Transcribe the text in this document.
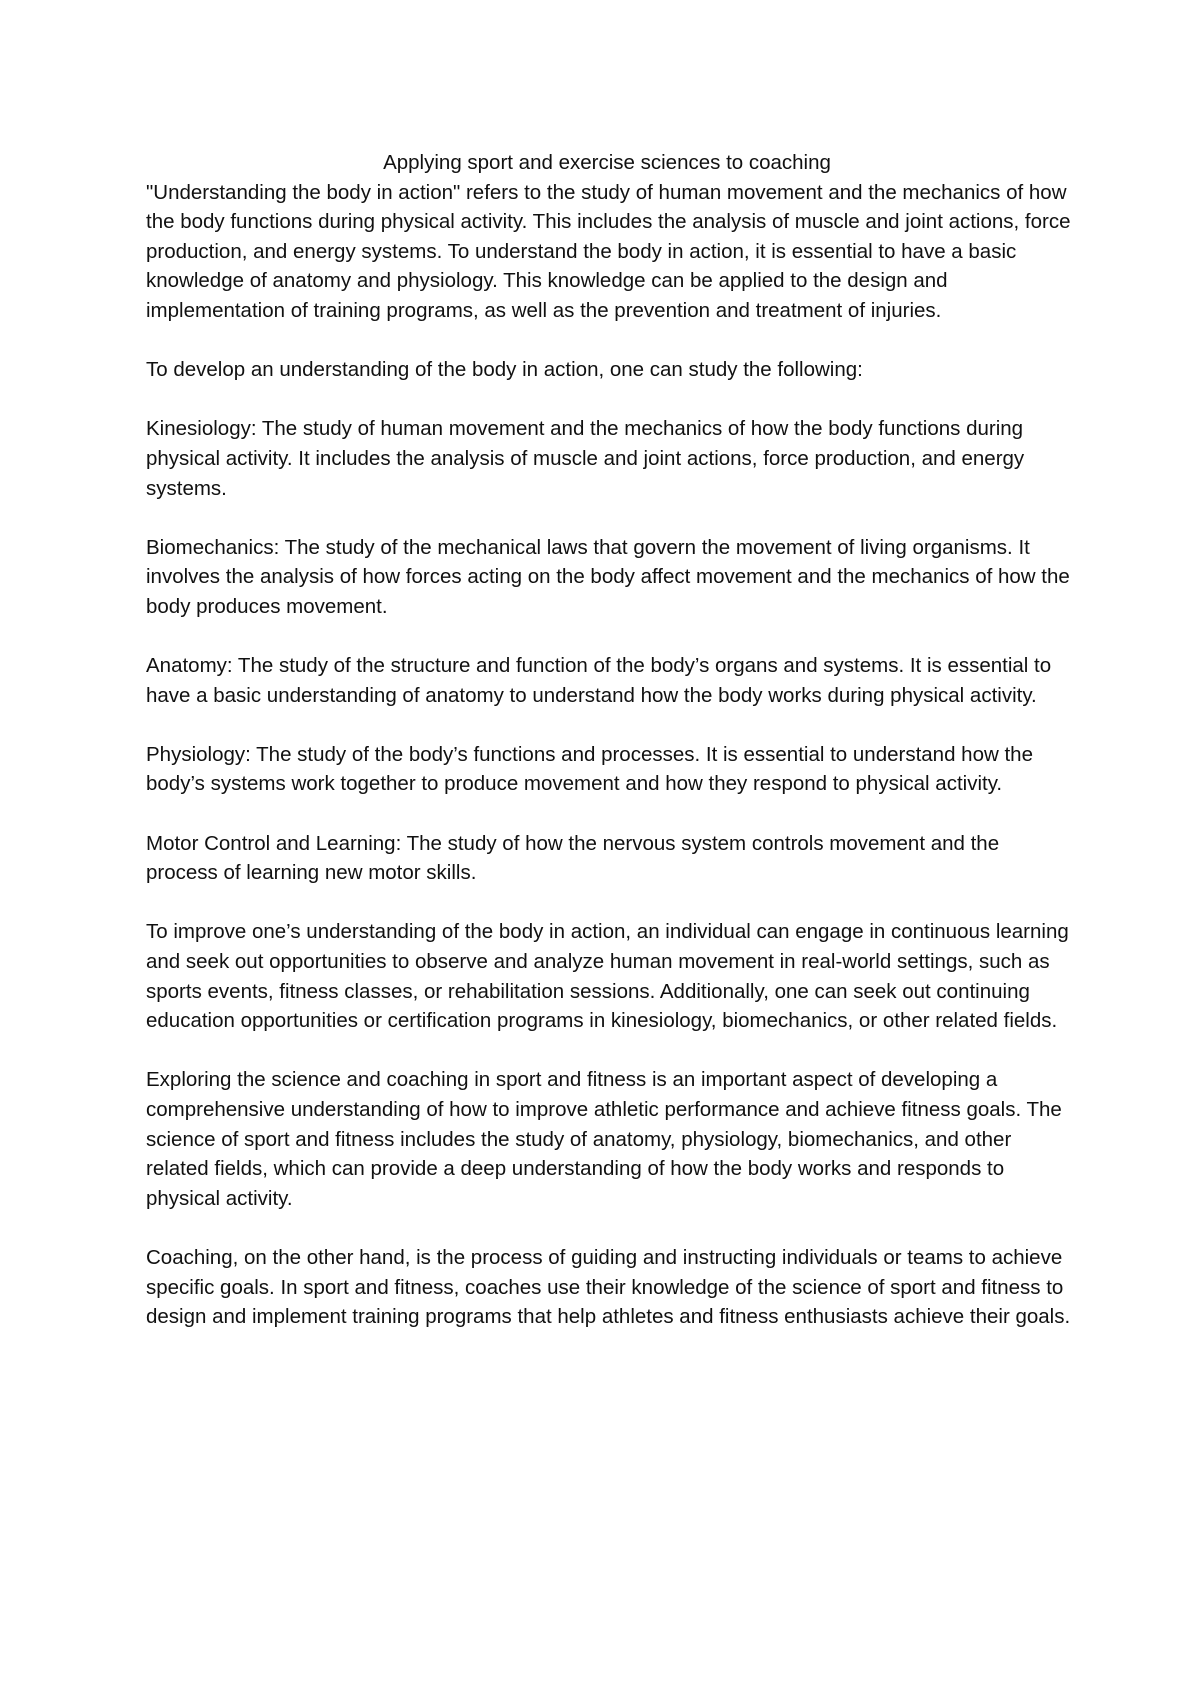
Applying sport and exercise sciences to coaching

"Understanding the body in action" refers to the study of human movement and the mechanics of how the body functions during physical activity. This includes the analysis of muscle and joint actions, force production, and energy systems. To understand the body in action, it is essential to have a basic knowledge of anatomy and physiology. This knowledge can be applied to the design and implementation of training programs, as well as the prevention and treatment of injuries.

To develop an understanding of the body in action, one can study the following:

Kinesiology: The study of human movement and the mechanics of how the body functions during physical activity. It includes the analysis of muscle and joint actions, force production, and energy systems.

Biomechanics: The study of the mechanical laws that govern the movement of living organisms. It involves the analysis of how forces acting on the body affect movement and the mechanics of how the body produces movement.

Anatomy: The study of the structure and function of the body’s organs and systems. It is essential to have a basic understanding of anatomy to understand how the body works during physical activity.

Physiology: The study of the body’s functions and processes. It is essential to understand how the body’s systems work together to produce movement and how they respond to physical activity.

Motor Control and Learning: The study of how the nervous system controls movement and the process of learning new motor skills.

To improve one’s understanding of the body in action, an individual can engage in continuous learning and seek out opportunities to observe and analyze human movement in real-world settings, such as sports events, fitness classes, or rehabilitation sessions. Additionally, one can seek out continuing education opportunities or certification programs in kinesiology, biomechanics, or other related fields.

Exploring the science and coaching in sport and fitness is an important aspect of developing a comprehensive understanding of how to improve athletic performance and achieve fitness goals. The science of sport and fitness includes the study of anatomy, physiology, biomechanics, and other related fields, which can provide a deep understanding of how the body works and responds to physical activity.

Coaching, on the other hand, is the process of guiding and instructing individuals or teams to achieve specific goals. In sport and fitness, coaches use their knowledge of the science of sport and fitness to design and implement training programs that help athletes and fitness enthusiasts achieve their goals.
